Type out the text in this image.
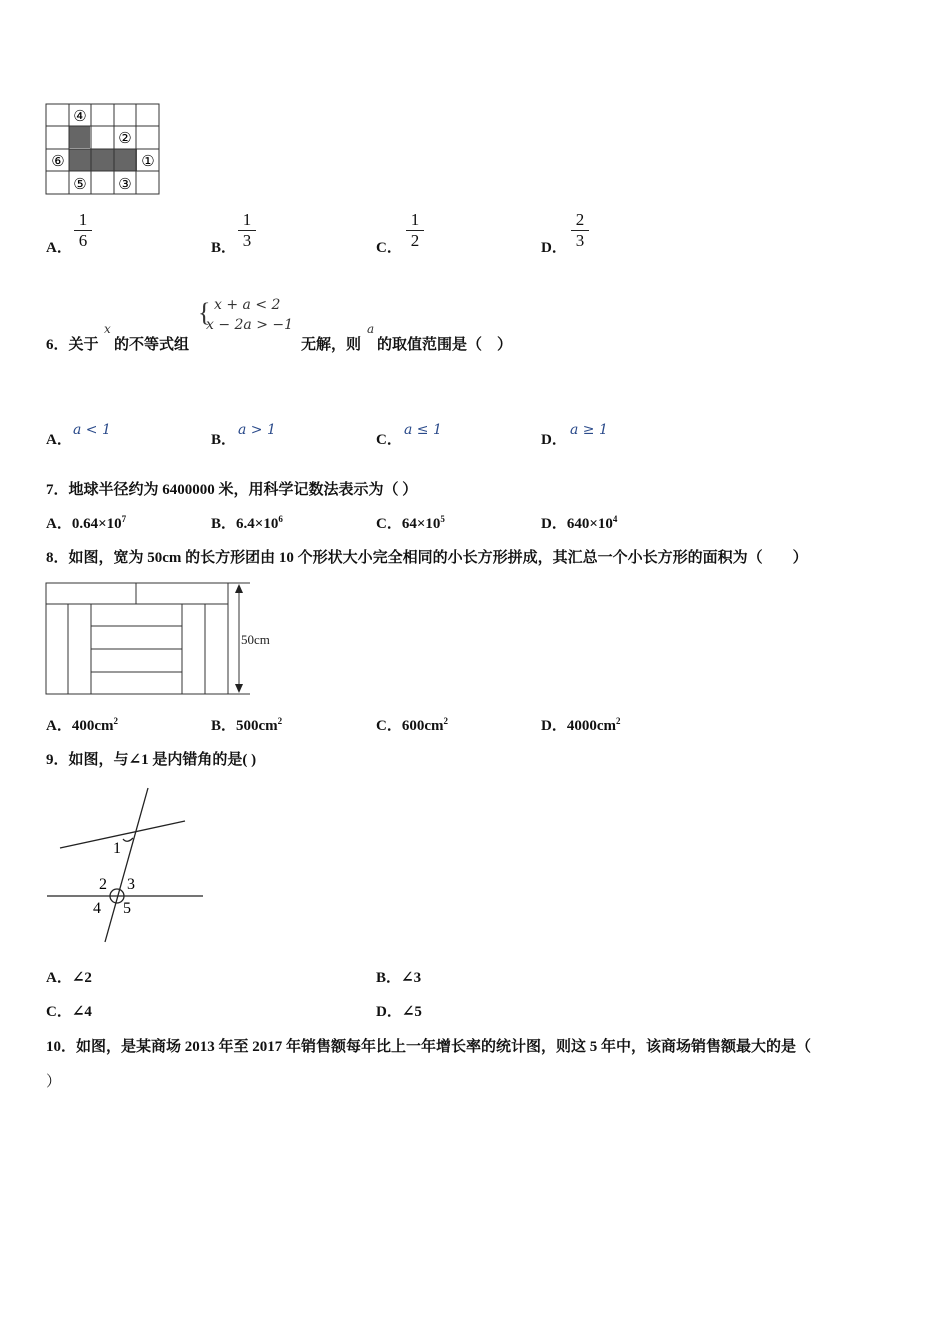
④
②
⑥	①
⑤ ③
A．
1
6	B．
1
3	C．
1
2	D．
2
3
6．关于
x
的不等式组
{ x + a < 2
x − 2a > −1
无解，则
a
的取值范围是（　）
A．
a < 1
B．
a > 1
C．
a ≤ 1
D．
a ≥ 1
7．地球半径约为 6400000 米，用科学记数法表示为（ ）
A．$0.64\times 10^7$	B．$6.4\times 10^6$	C．$64\times 10^5$	D．$640\times 10^4$
8．如图，宽为 50cm 的长方形团由 10 个形状大小完全相同的小长方形拼成，其汇总一个小长方形的面积为（　　）
50cm
A．$400cm^2$	B．$500cm^2$	C．$600cm^2$	D．$4000cm^2$
9．如图，与∠1 是内错角的是( )
1
2 3
4 5
A．∠2	B．∠3
C．∠4	D．∠5
10．如图，是某商场 2013 年至 2017 年销售额每年比上一年增长率的统计图，则这 5 年中，该商场销售额最大的是（
）
